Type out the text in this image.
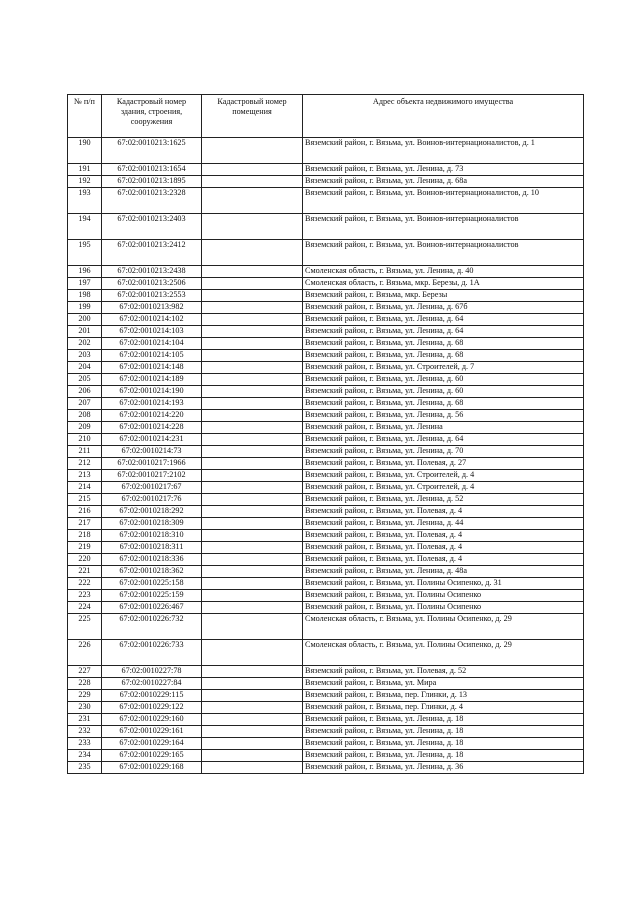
№ п/п	Кадастровый номер здания, строения, сооружения	Кадастровый номер помещения	Адрес объекта недвижимого имущества
190	67:02:0010213:1625		Вяземский район, г. Вязьма, ул. Воинов-интернационалистов, д. 1
191	67:02:0010213:1654		Вяземский район, г. Вязьма, ул. Ленина, д. 73
192	67:02:0010213:1895		Вяземский район, г. Вязьма, ул. Ленина, д. 68а
193	67:02:0010213:2328		Вяземский район, г. Вязьма, ул. Воинов-интернационалистов, д. 10
194	67:02:0010213:2403		Вяземский район, г. Вязьма, ул. Воинов-интернационалистов
195	67:02:0010213:2412		Вяземский район, г. Вязьма, ул. Воинов-интернационалистов
196	67:02:0010213:2438		Смоленская область, г. Вязьма, ул. Ленина, д. 40
197	67:02:0010213:2506		Смоленская область, г. Вязьма, мкр. Березы, д. 1А
198	67:02:0010213:2553		Вяземский район, г. Вязьма, мкр. Березы
199	67:02:0010213:982		Вяземский район, г. Вязьма, ул. Ленина, д. 67б
200	67:02:0010214:102		Вяземский район, г. Вязьма, ул. Ленина, д. 64
201	67:02:0010214:103		Вяземский район, г. Вязьма, ул. Ленина, д. 64
202	67:02:0010214:104		Вяземский район, г. Вязьма, ул. Ленина, д. 68
203	67:02:0010214:105		Вяземский район, г. Вязьма, ул. Ленина, д. 68
204	67:02:0010214:148		Вяземский район, г. Вязьма, ул. Строителей, д. 7
205	67:02:0010214:189		Вяземский район, г. Вязьма, ул. Ленина, д. 60
206	67:02:0010214:190		Вяземский район, г. Вязьма, ул. Ленина, д. 60
207	67:02:0010214:193		Вяземский район, г. Вязьма, ул. Ленина, д. 68
208	67:02:0010214:220		Вяземский район, г. Вязьма, ул. Ленина, д. 56
209	67:02:0010214:228		Вяземский район, г. Вязьма, ул. Ленина
210	67:02:0010214:231		Вяземский район, г. Вязьма, ул. Ленина, д. 64
211	67:02:0010214:73		Вяземский район, г. Вязьма, ул. Ленина, д. 70
212	67:02:0010217:1966		Вяземский район, г. Вязьма, ул. Полевая, д. 27
213	67:02:0010217:2102		Вяземский район, г. Вязьма, ул. Строителей, д. 4
214	67:02:0010217:67		Вяземский район, г. Вязьма, ул. Строителей, д. 4
215	67:02:0010217:76		Вяземский район, г. Вязьма, ул. Ленина, д. 52
216	67:02:0010218:292		Вяземский район, г. Вязьма, ул. Полевая, д. 4
217	67:02:0010218:309		Вяземский район, г. Вязьма, ул. Ленина, д. 44
218	67:02:0010218:310		Вяземский район, г. Вязьма, ул. Полевая, д. 4
219	67:02:0010218:311		Вяземский район, г. Вязьма, ул. Полевая, д. 4
220	67:02:0010218:336		Вяземский район, г. Вязьма, ул. Полевая, д. 4
221	67:02:0010218:362		Вяземский район, г. Вязьма, ул. Ленина, д. 48а
222	67:02:0010225:158		Вяземский район, г. Вязьма, ул. Полины Осипенко, д. 31
223	67:02:0010225:159		Вяземский район, г. Вязьма, ул. Полины Осипенко
224	67:02:0010226:467		Вяземский район, г. Вязьма, ул. Полины Осипенко
225	67:02:0010226:732		Смоленская область, г. Вязьма, ул. Полины Осипенко, д. 29
226	67:02:0010226:733		Смоленская область, г. Вязьма, ул. Полины Осипенко, д. 29
227	67:02:0010227:78		Вяземский район, г. Вязьма, ул. Полевая, д. 52
228	67:02:0010227:84		Вяземский район, г. Вязьма, ул. Мира
229	67:02:0010229:115		Вяземский район, г. Вязьма, пер. Глинки, д. 13
230	67:02:0010229:122		Вяземский район, г. Вязьма, пер. Глинки, д. 4
231	67:02:0010229:160		Вяземский район, г. Вязьма, ул. Ленина, д. 18
232	67:02:0010229:161		Вяземский район, г. Вязьма, ул. Ленина, д. 18
233	67:02:0010229:164		Вяземский район, г. Вязьма, ул. Ленина, д. 18
234	67:02:0010229:165		Вяземский район, г. Вязьма, ул. Ленина, д. 18
235	67:02:0010229:168		Вяземский район, г. Вязьма, ул. Ленина, д. 36
